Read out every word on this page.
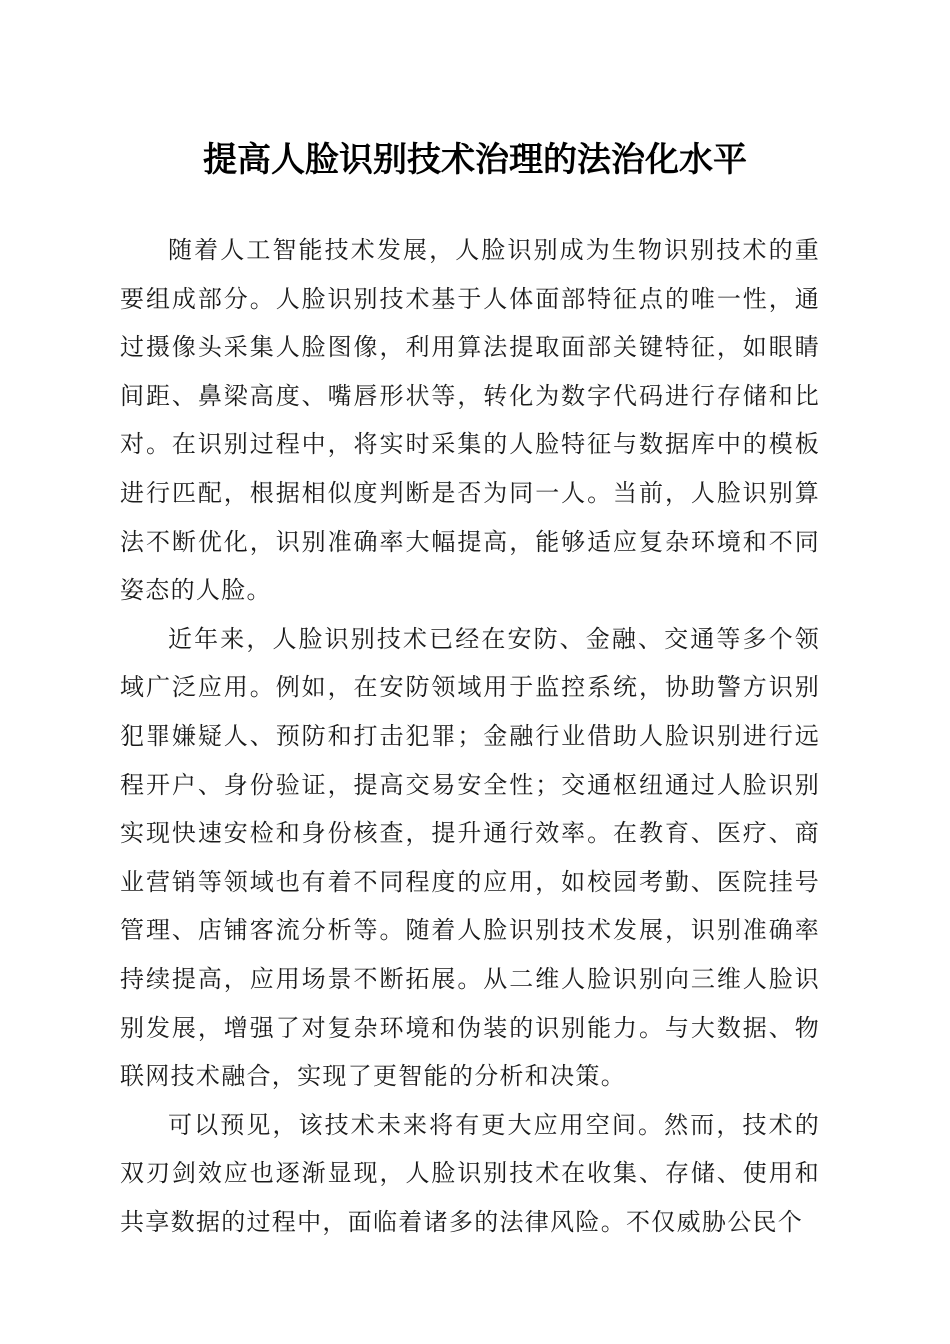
提高人脸识别技术治理的法治化水平

随着人工智能技术发展，人脸识别成为生物识别技术的重要组成部分。人脸识别技术基于人体面部特征点的唯一性，通过摄像头采集人脸图像，利用算法提取面部关键特征，如眼睛间距、鼻梁高度、嘴唇形状等，转化为数字代码进行存储和比对。在识别过程中，将实时采集的人脸特征与数据库中的模板进行匹配，根据相似度判断是否为同一人。当前，人脸识别算法不断优化，识别准确率大幅提高，能够适应复杂环境和不同姿态的人脸。

近年来，人脸识别技术已经在安防、金融、交通等多个领域广泛应用。例如，在安防领域用于监控系统，协助警方识别犯罪嫌疑人、预防和打击犯罪；金融行业借助人脸识别进行远程开户、身份验证，提高交易安全性；交通枢纽通过人脸识别实现快速安检和身份核查，提升通行效率。在教育、医疗、商业营销等领域也有着不同程度的应用，如校园考勤、医院挂号管理、店铺客流分析等。随着人脸识别技术发展，识别准确率持续提高，应用场景不断拓展。从二维人脸识别向三维人脸识别发展，增强了对复杂环境和伪装的识别能力。与大数据、物联网技术融合，实现了更智能的分析和决策。

可以预见，该技术未来将有更大应用空间。然而，技术的双刃剑效应也逐渐显现，人脸识别技术在收集、存储、使用和共享数据的过程中，面临着诸多的法律风险。不仅威胁公民个
